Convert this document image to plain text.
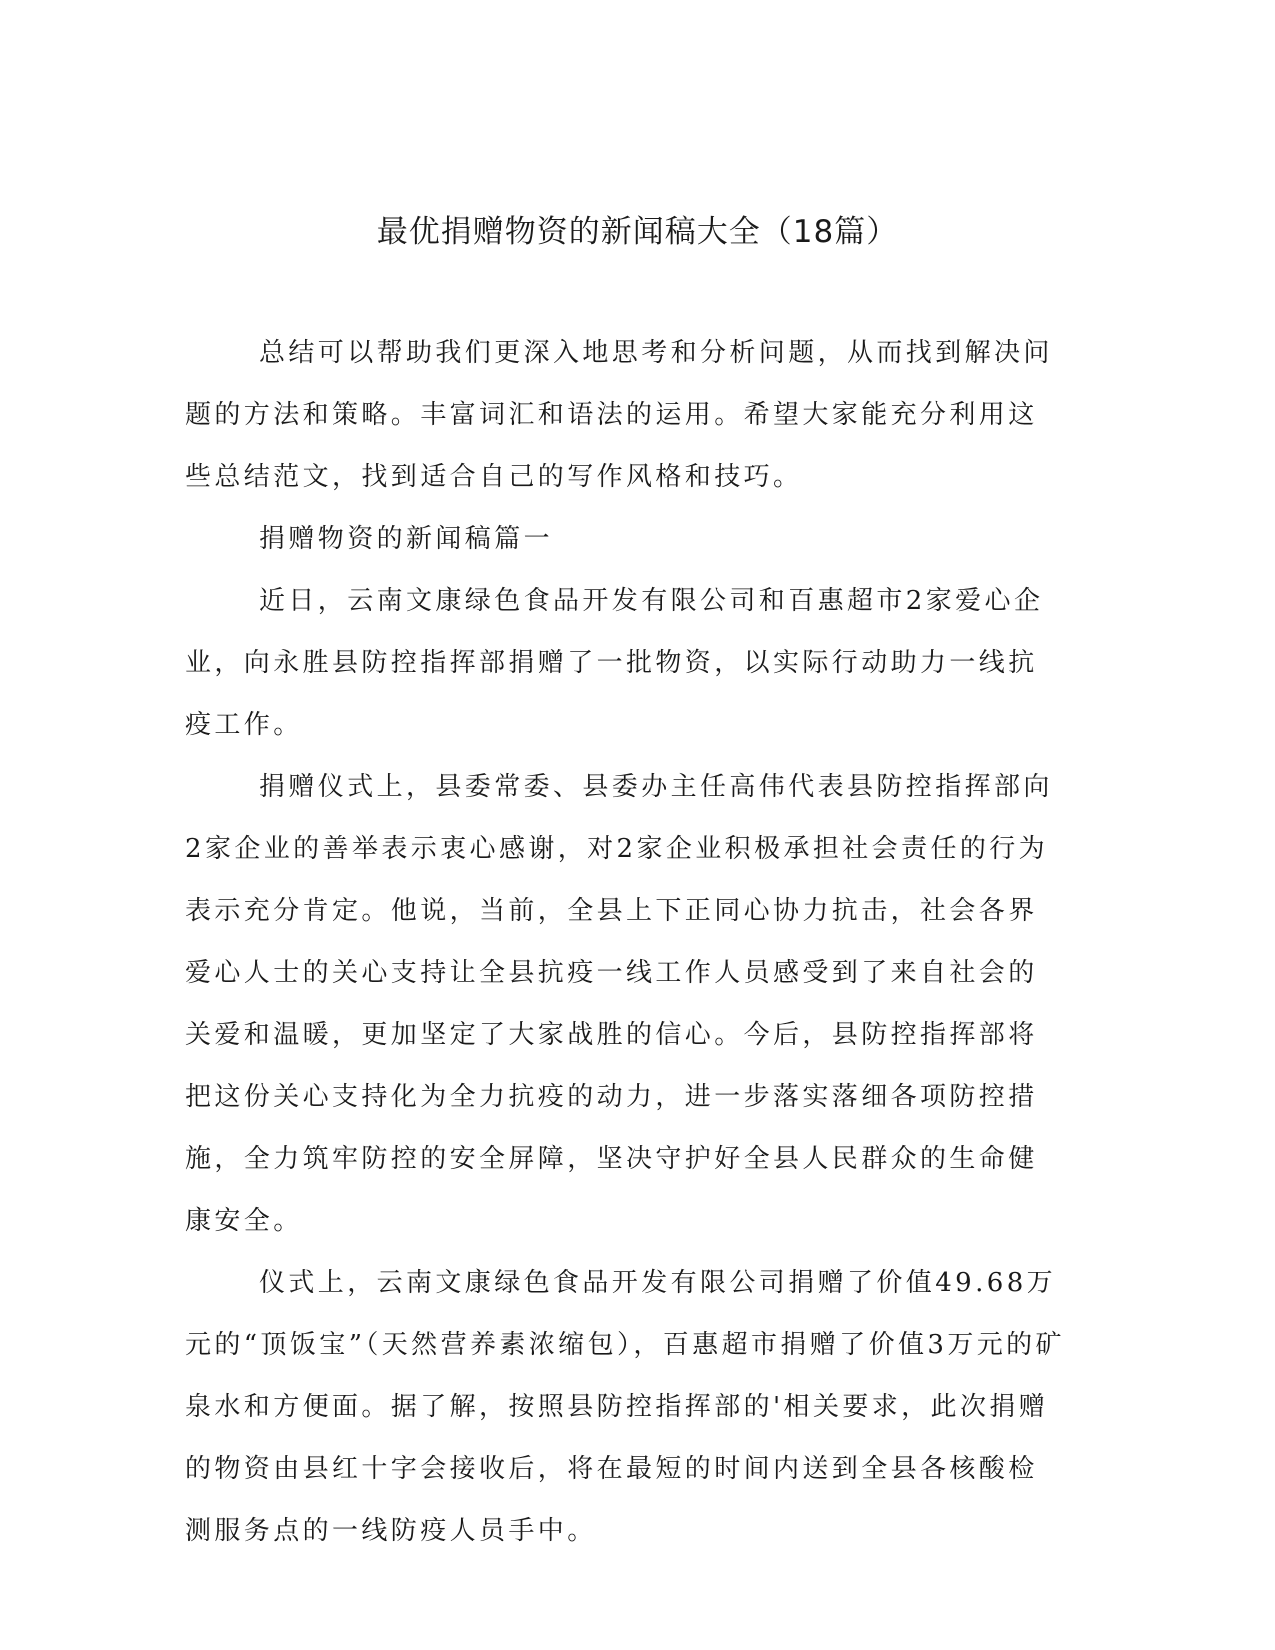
最优捐赠物资的新闻稿大全（18篇）

总结可以帮助我们更深入地思考和分析问题，从而找到解决问题的方法和策略。丰富词汇和语法的运用。希望大家能充分利用这些总结范文，找到适合自己的写作风格和技巧。

捐赠物资的新闻稿篇一

近日，云南文康绿色食品开发有限公司和百惠超市2家爱心企业，向永胜县防控指挥部捐赠了一批物资，以实际行动助力一线抗疫工作。

捐赠仪式上，县委常委、县委办主任高伟代表县防控指挥部向2家企业的善举表示衷心感谢，对2家企业积极承担社会责任的行为表示充分肯定。他说，当前，全县上下正同心协力抗击，社会各界爱心人士的关心支持让全县抗疫一线工作人员感受到了来自社会的关爱和温暖，更加坚定了大家战胜的信心。今后，县防控指挥部将把这份关心支持化为全力抗疫的动力，进一步落实落细各项防控措施，全力筑牢防控的安全屏障，坚决守护好全县人民群众的生命健康安全。

仪式上，云南文康绿色食品开发有限公司捐赠了价值49.68万元的“顶饭宝”（天然营养素浓缩包），百惠超市捐赠了价值3万元的矿泉水和方便面。据了解，按照县防控指挥部的'相关要求，此次捐赠的物资由县红十字会接收后，将在最短的时间内送到全县各核酸检测服务点的一线防疫人员手中。
